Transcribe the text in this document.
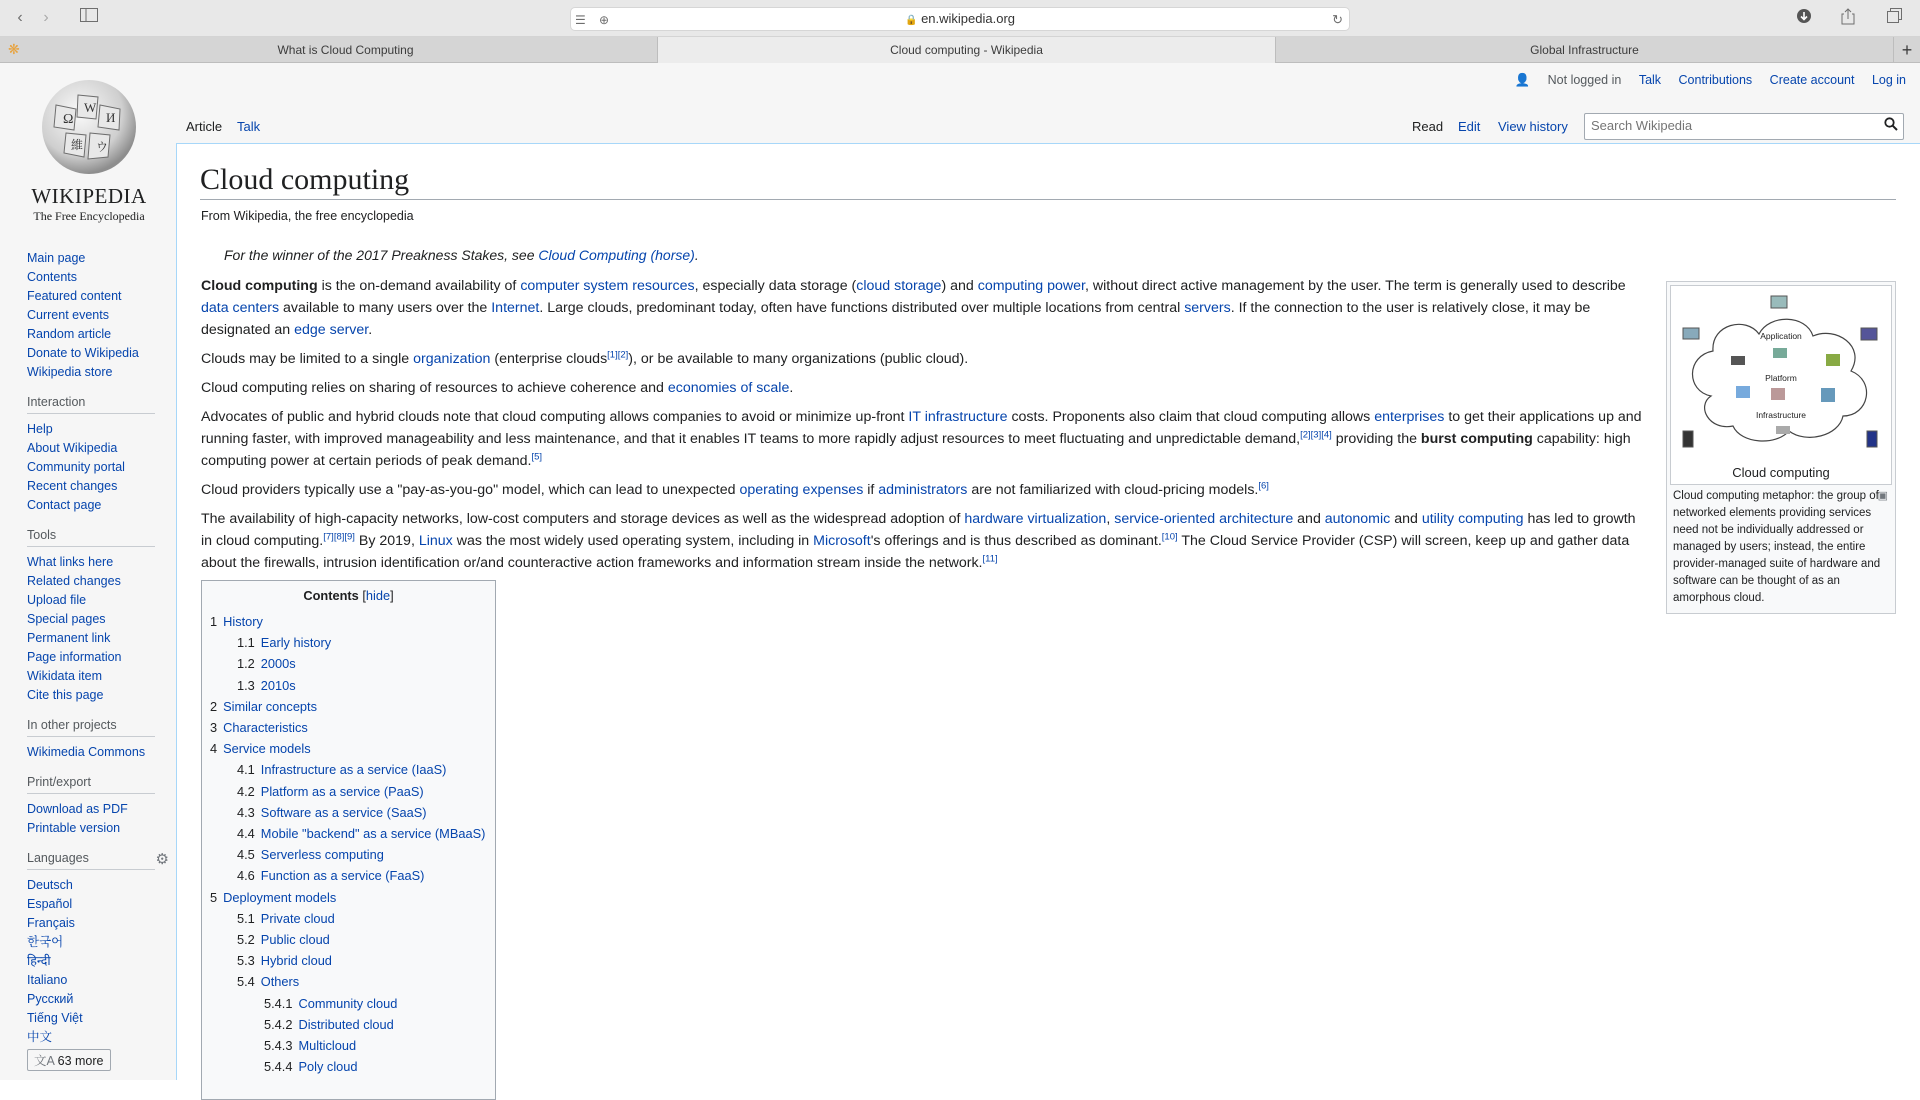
‹	›	☰ ⊕	🔒 en.wikipedia.org	↻
❋	What is Cloud Computing	Cloud computing - Wikipedia	Global Infrastructure	+
Ω
W
И
維 ウ
WIKIPEDIA
The Free Encyclopedia
Main page
Contents
Featured content
Current events
Random article
Donate to Wikipedia
Wikipedia store
Interaction
Help
About Wikipedia
Community portal
Recent changes
Contact page
Tools
What links here
Related changes
Upload file
Special pages
Permanent link
Page information
Wikidata item
Cite this page
In other projects
Wikimedia Commons
Print/export
Download as PDF
Printable version
Languages	⚙
Deutsch
Español
Français
한국어
हिन्दी
Italiano
Русский
Tiếng Việt
中文
文A 63 more
👤 Not logged in Talk Contributions Create account Log in
Article	Talk	Read	Edit	View history
Search Wikipedia
Cloud computing
From Wikipedia, the free encyclopedia
For the winner of the 2017 Preakness Stakes, see Cloud Computing (horse).

Cloud computing is the on-demand availability of computer system resources, especially data storage (cloud storage) and computing power, without direct active management by the user. The term is generally used to describe data centers available to many users over the Internet. Large clouds, predominant today, often have functions distributed over multiple locations from central servers. If the connection to the user is relatively close, it may be designated an edge server.

Clouds may be limited to a single organization (enterprise clouds[1][2]), or be available to many organizations (public cloud).

Cloud computing relies on sharing of resources to achieve coherence and economies of scale.

Advocates of public and hybrid clouds note that cloud computing allows companies to avoid or minimize up-front IT infrastructure costs. Proponents also claim that cloud computing allows enterprises to get their applications up and running faster, with improved manageability and less maintenance, and that it enables IT teams to more rapidly adjust resources to meet fluctuating and unpredictable demand,[2][3][4] providing the burst computing capability: high computing power at certain periods of peak demand.[5]

Cloud providers typically use a "pay-as-you-go" model, which can lead to unexpected operating expenses if administrators are not familiarized with cloud-pricing models.[6]

The availability of high-capacity networks, low-cost computers and storage devices as well as the widespread adoption of hardware virtualization, service-oriented architecture and autonomic and utility computing has led to growth in cloud computing.[7][8][9] By 2019, Linux was the most widely used operating system, including in Microsoft's offerings and is thus described as dominant.[10] The Cloud Service Provider (CSP) will screen, keep up and gather data about the firewalls, intrusion identification or/and counteractive action frameworks and information stream inside the network.[11]

Application
Platform
Infrastructure
Cloud computing
▣
Cloud computing metaphor: the group of networked elements providing services need not be individually addressed or managed by users; instead, the entire provider-managed suite of hardware and software can be thought of as an amorphous cloud.
Contents [hide]
1 History
1.1 Early history
1.2 2000s
1.3 2010s
2 Similar concepts
3 Characteristics
4 Service models
4.1 Infrastructure as a service (IaaS)
4.2 Platform as a service (PaaS)
4.3 Software as a service (SaaS)
4.4 Mobile "backend" as a service (MBaaS)
4.5 Serverless computing
4.6 Function as a service (FaaS)
5 Deployment models
5.1 Private cloud
5.2 Public cloud
5.3 Hybrid cloud
5.4 Others
5.4.1 Community cloud
5.4.2 Distributed cloud
5.4.3 Multicloud
5.4.4 Poly cloud
